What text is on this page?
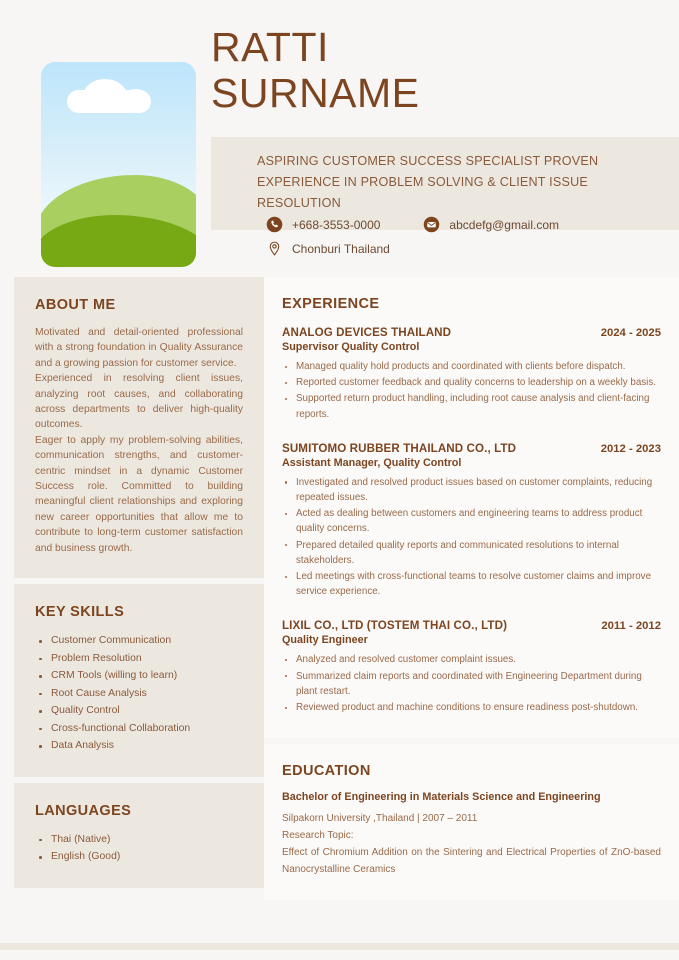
RATTI
SURNAME

ASPIRING CUSTOMER SUCCESS SPECIALIST PROVEN EXPERIENCE IN PROBLEM SOLVING & CLIENT ISSUE RESOLUTION

+668-3553-0000	abcdefg@gmail.com
Chonburi Thailand
ABOUT ME

Motivated and detail-oriented professional with a strong foundation in Quality Assurance and a growing passion for customer service.

Experienced in resolving client issues, analyzing root causes, and collaborating across departments to deliver high-quality outcomes.

Eager to apply my problem-solving abilities, communication strengths, and customer-centric mindset in a dynamic Customer Success role. Committed to building meaningful client relationships and exploring new career opportunities that allow me to contribute to long-term customer satisfaction and business growth.

KEY SKILLS
Customer Communication
Problem Resolution
CRM Tools (willing to learn)
Root Cause Analysis
Quality Control
Cross-functional Collaboration
Data Analysis
LANGUAGES
Thai (Native)
English (Good)
EXPERIENCE
ANALOG DEVICES THAILAND	2024 - 2025
Supervisor Quality Control
Managed quality hold products and coordinated with clients before dispatch.
Reported customer feedback and quality concerns to leadership on a weekly basis.
Supported return product handling, including root cause analysis and client-facing reports.
SUMITOMO RUBBER THAILAND CO., LTD	2012 - 2023
Assistant Manager, Quality Control
Investigated and resolved product issues based on customer complaints, reducing repeated issues.
Acted as dealing between customers and engineering teams to address product quality concerns.
Prepared detailed quality reports and communicated resolutions to internal stakeholders.
Led meetings with cross-functional teams to resolve customer claims and improve service experience.
LIXIL CO., LTD (TOSTEM THAI CO., LTD)	2011 - 2012
Quality Engineer
Analyzed and resolved customer complaint issues.
Summarized claim reports and coordinated with Engineering Department during plant restart.
Reviewed product and machine conditions to ensure readiness post-shutdown.
EDUCATION
Bachelor of Engineering in Materials Science and Engineering
Silpakorn University ,Thailand | 2007 – 2011
Research Topic:
Effect of Chromium Addition on the Sintering and Electrical Properties of ZnO-based Nanocrystalline Ceramics
